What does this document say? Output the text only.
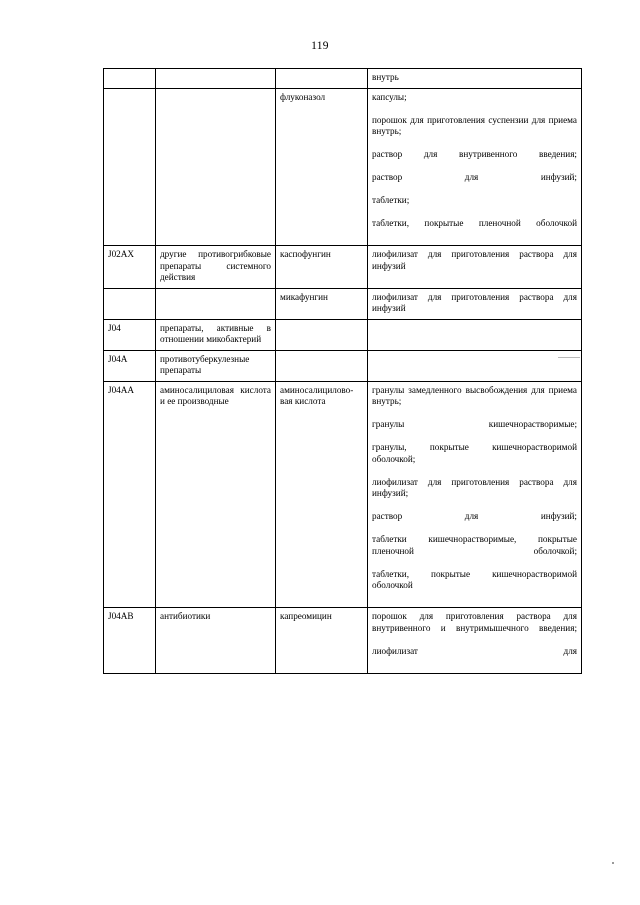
119
			внутрь
		флуконазол	капсулы;
порошок для приготовления суспензии для приема внутрь;
раствор для внутривенного введения;
раствор для инфузий;
таблетки;
таблетки, покрытые пленочной оболочкой
J02AX	другие противогрибковые препараты системного действия	каспофунгин	лиофилизат для приготовления раствора для инфузий
		микафунгин	лиофилизат для приготовления раствора для инфузий
J04	препараты, активные в отношении микобактерий		
J04A	противотуберкулезные препараты		
J04AA	аминосалициловая кислота и ее производные	аминосалицилово-вая кислота	гранулы замедленного высвобождения для приема внутрь;
гранулы кишечнорастворимые;
гранулы, покрытые кишечнорастворимой оболочкой;
лиофилизат для приготовления раствора для инфузий;
раствор для инфузий;
таблетки кишечнорастворимые, покрытые пленочной оболочкой;
таблетки, покрытые кишечнорастворимой оболочкой
J04AB	антибиотики	капреомицин	порошок для приготовления раствора для внутривенного и внутримышечного введения;
лиофилизат для
